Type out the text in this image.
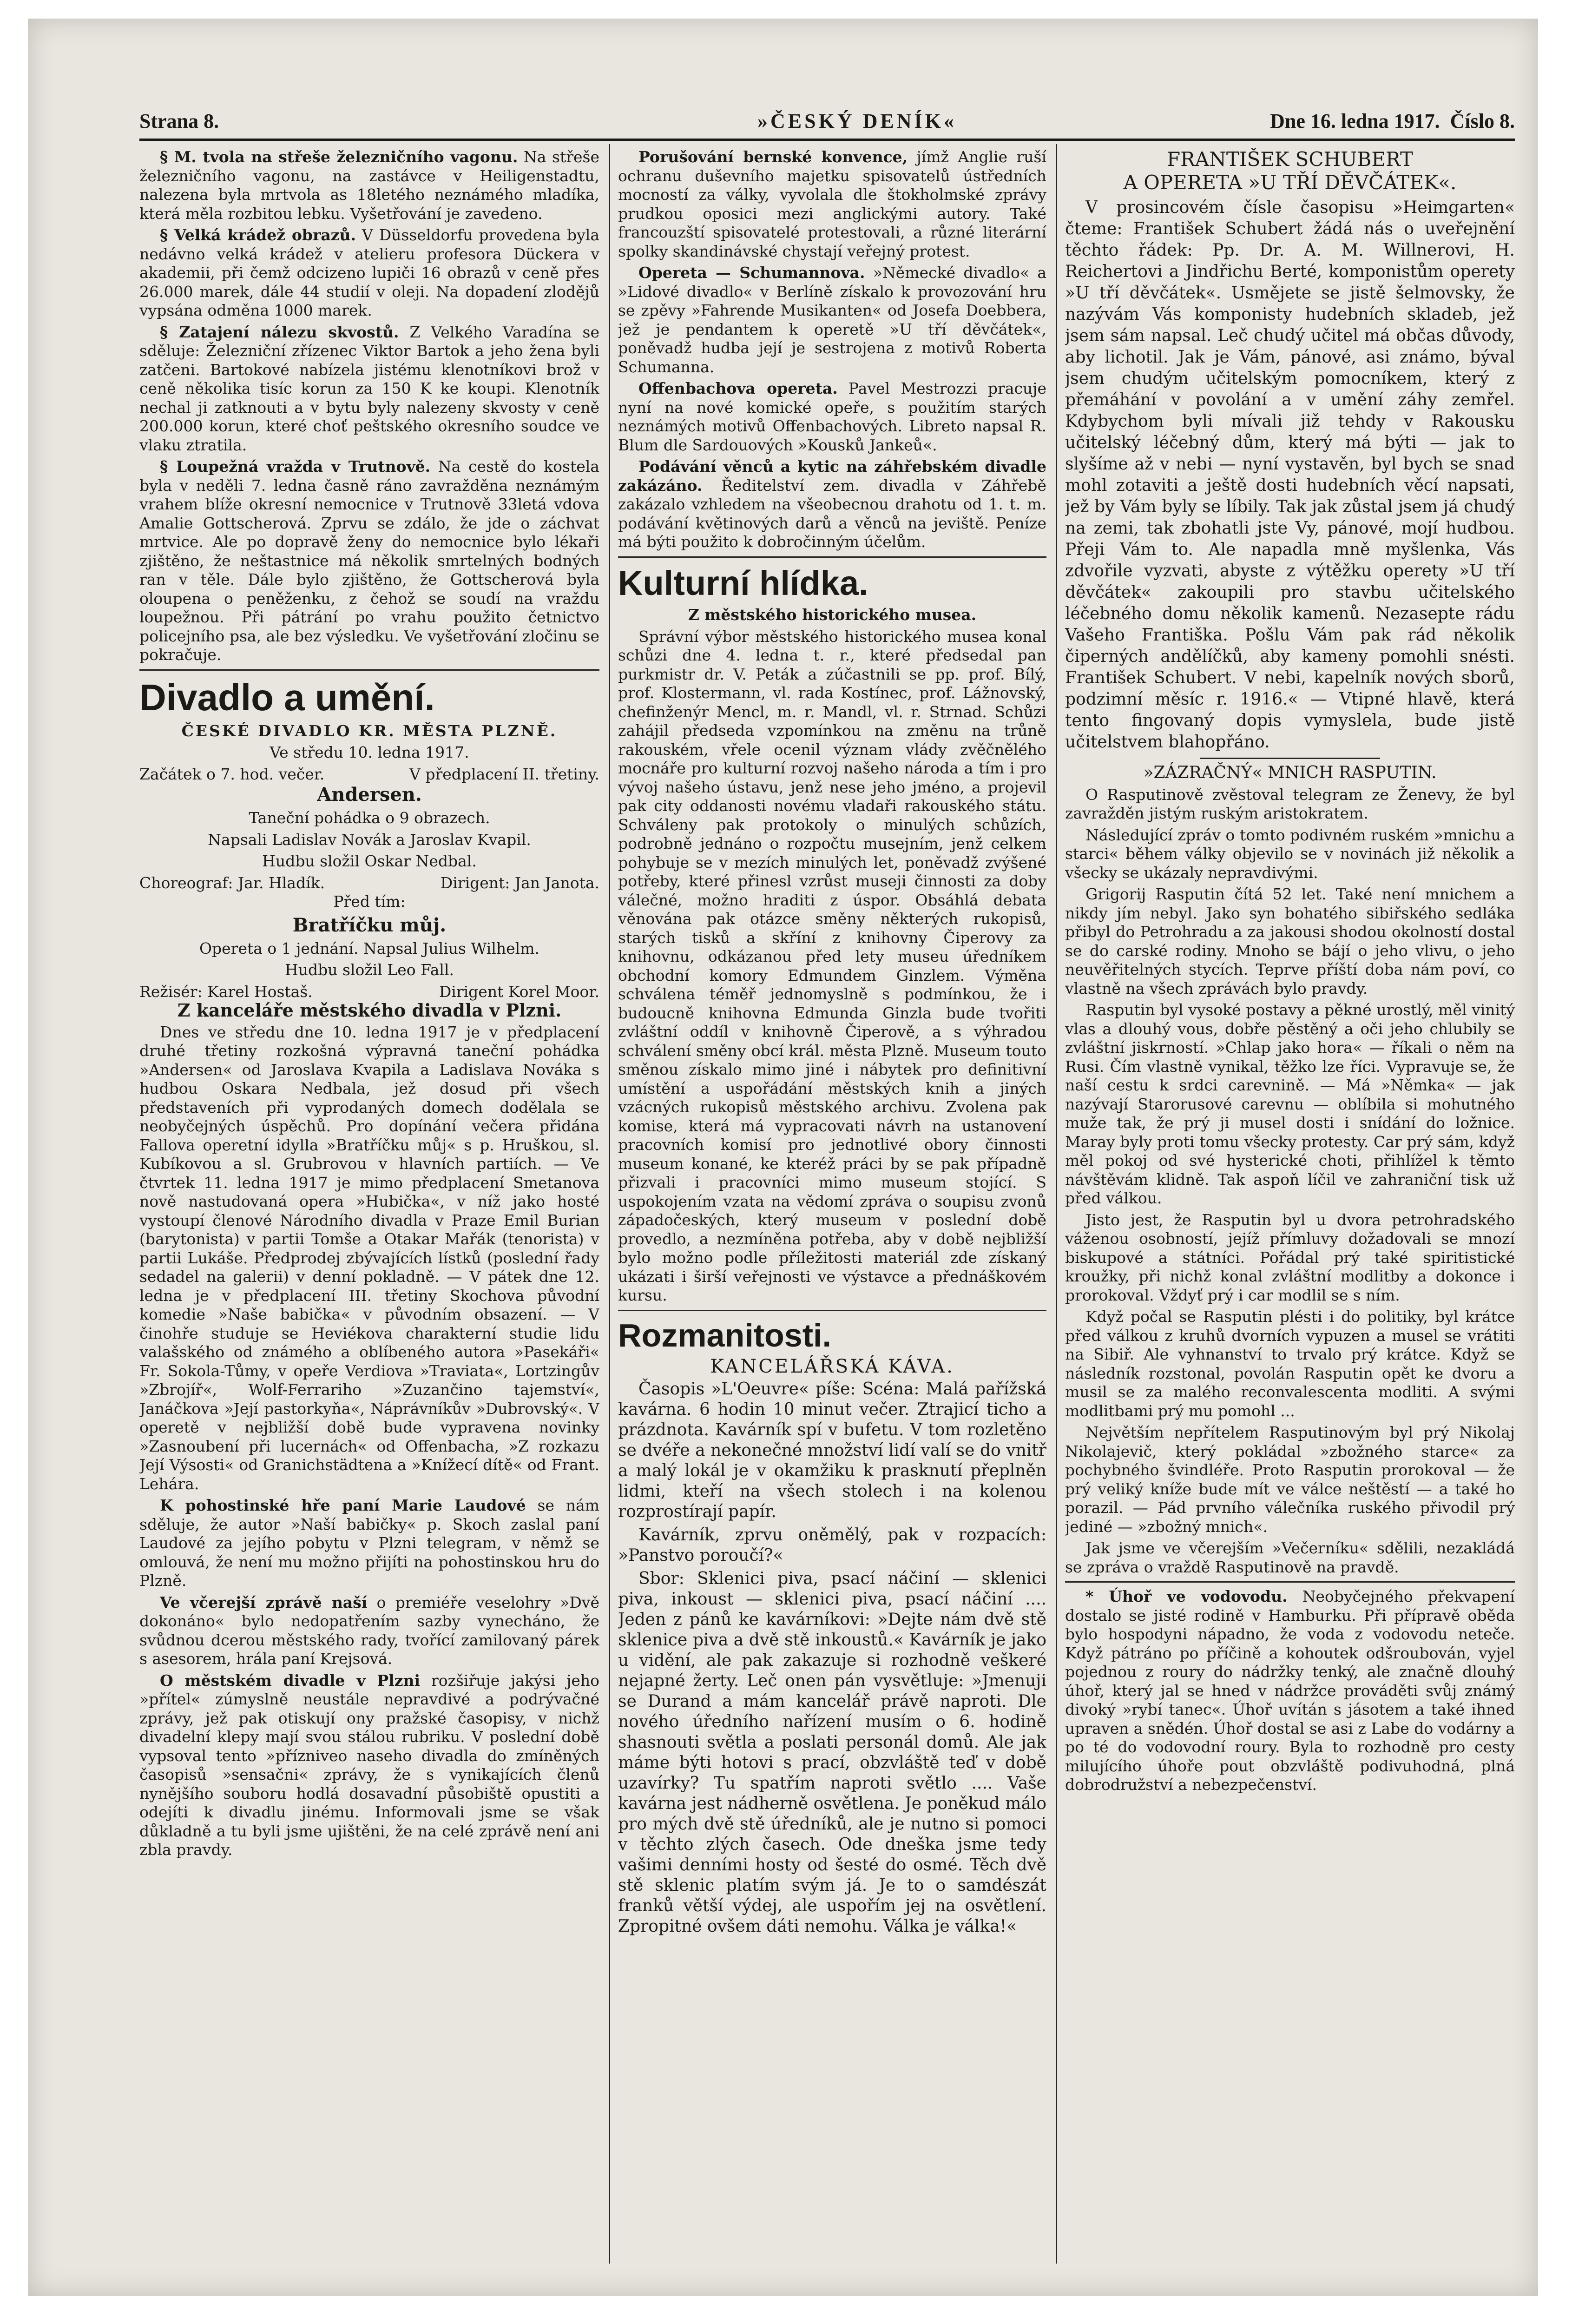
Strana 8.	»ČESKÝ DENÍK«	Dne 16. ledna 1917. Číslo 8.

§ M. tvola na střeše železničního vagonu. Na střeše železničního vagonu, na zastávce v Heiligenstadtu, nalezena byla mrtvola as 18letého neznámého mladíka, která měla rozbitou lebku. Vyšetřování je zavedeno.

§ Velká krádež obrazů. V Düsseldorfu provedena byla nedávno velká krádež v atelieru profesora Dückera v akademii, při čemž odcizeno lupiči 16 obrazů v ceně přes 26.000 marek, dále 44 studií v oleji. Na dopadení zlodějů vypsána odměna 1000 marek.

§ Zatajení nálezu skvostů. Z Velkého Varadína se sděluje: Železniční zřízenec Viktor Bartok a jeho žena byli zatčeni. Bartokové nabízela jistému klenotníkovi brož v ceně několika tisíc korun za 150 K ke koupi. Klenotník nechal ji zatknouti a v bytu byly nalezeny skvosty v ceně 200.000 korun, které choť peštského okresního soudce ve vlaku ztratila.

§ Loupežná vražda v Trutnově. Na cestě do kostela byla v neděli 7. ledna časně ráno zavražděna neznámým vrahem blíže okresní nemocnice v Trutnově 33letá vdova Amalie Gottscherová. Zprvu se zdálo, že jde o záchvat mrtvice. Ale po dopravě ženy do nemocnice bylo lékaři zjištěno, že neštastnice má několik smrtelných bodných ran v těle. Dále bylo zjištěno, že Gottscherová byla oloupena o peněženku, z čehož se soudí na vraždu loupežnou. Při pátrání po vrahu použito četnictvo policejního psa, ale bez výsledku. Ve vyšetřování zločinu se pokračuje.

Divadlo a umění.

ČESKÉ DIVADLO KR. MĚSTA PLZNĚ.

Ve středu 10. ledna 1917.

Začátek o 7. hod. večer.	V předplacení II. třetiny.

Andersen.

Taneční pohádka o 9 obrazech.

Napsali Ladislav Novák a Jaroslav Kvapil.

Hudbu složil Oskar Nedbal.

Choreograf: Jar. Hladík.	Dirigent: Jan Janota.

Před tím:

Bratříčku můj.

Opereta o 1 jednání. Napsal Julius Wilhelm.

Hudbu složil Leo Fall.

Režisér: Karel Hostaš.	Dirigent Korel Moor.

Z kanceláře městského divadla v Plzni.

Dnes ve středu dne 10. ledna 1917 je v předplacení druhé třetiny rozkošná výpravná taneční pohádka »Andersen« od Jaroslava Kvapila a Ladislava Nováka s hudbou Oskara Nedbala, jež dosud při všech představeních při vyprodaných domech dodělala se neobyčejných úspěchů. Pro dopínání večera přidána Fallova operetní idylla »Bratříčku můj« s p. Hruškou, sl. Kubíkovou a sl. Grubrovou v hlavních partiích. — Ve čtvrtek 11. ledna 1917 je mimo předplacení Smetanova nově nastudovaná opera »Hubička«, v níž jako hosté vystoupí členové Národního divadla v Praze Emil Burian (barytonista) v partii Tomše a Otakar Mařák (tenorista) v partii Lukáše. Předprodej zbývajících lístků (poslední řady sedadel na galerii) v denní pokladně. — V pátek dne 12. ledna je v předplacení III. třetiny Skochova původní komedie »Naše babička« v původním obsazení. — V činohře studuje se Heviékova charakterní studie lidu valašského od známého a oblíbeného autora »Pasekáři« Fr. Sokola-Tůmy, v opeře Verdiova »Traviata«, Lortzingův »Zbrojíř«, Wolf-Ferrariho »Zuzančino tajemství«, Janáčkova »Její pastorkyňa«, Náprávníkův »Dubrovský«. V operetě v nejbližší době bude vypravena novinky »Zasnoubení při lucernách« od Offenbacha, »Z rozkazu Její Výsosti« od Granichstädtena a »Knížecí dítě« od Frant. Lehára.

K pohostinské hře paní Marie Laudové se nám sděluje, že autor »Naší babičky« p. Skoch zaslal paní Laudové za jejího pobytu v Plzni telegram, v němž se omlouvá, že není mu možno přijíti na pohostinskou hru do Plzně.

Ve včerejší zprávě naší o premiéře veselohry »Dvě dokonáno« bylo nedopatřením sazby vynecháno, že svůdnou dcerou městského rady, tvořící zamilovaný párek s asesorem, hrála paní Krejsová.

O městském divadle v Plzni rozšiřuje jakýsi jeho »přítel« zúmyslně neustále nepravdivé a podrývačné zprávy, jež pak otiskují ony pražské časopisy, v nichž divadelní klepy mají svou stálou rubriku. V poslední době vypsoval tento »přízniveo naseho divadla do zmíněných časopisů »sensačni« zprávy, že s vynikajících členů nynějšího souboru hodlá dosavadní působiště opustiti a odejíti k divadlu jinému. Informovali jsme se však důkladně a tu byli jsme ujištěni, že na celé zprávě není ani zbla pravdy.

Porušování bernské konvence, jímž Anglie ruší ochranu duševního majetku spisovatelů ústředních mocností za války, vyvolala dle štokholmské zprávy prudkou oposici mezi anglickými autory. Také francouzští spisovatelé protestovali, a různé literární spolky skandinávské chystají veřejný protest.

Opereta — Schumannova. »Německé divadlo« a »Lidové divadlo« v Berlíně získalo k provozování hru se zpěvy »Fahrende Musikanten« od Josefa Doebbera, jež je pendantem k operetě »U tří děvčátek«, poněvadž hudba její je sestrojena z motivů Roberta Schumanna.

Offenbachova opereta. Pavel Mestrozzi pracuje nyní na nové komické opeře, s použitím starých neznámých motivů Offenbachových. Libreto napsal R. Blum dle Sardouových »Kousků Jankeů«.

Podávání věnců a kytic na záhřebském divadle zakázáno. Ředitelství zem. divadla v Záhřebě zakázalo vzhledem na všeobecnou drahotu od 1. t. m. podávání květinových darů a věnců na jeviště. Peníze má býti použito k dobročinným účelům.

Kulturní hlídka.

Z městského historického musea.

Správní výbor městského historického musea konal schůzi dne 4. ledna t. r., které předsedal pan purkmistr dr. V. Peták a zúčastnili se pp. prof. Bílý, prof. Klostermann, vl. rada Kostínec, prof. Lážnovský, chefinženýr Mencl, m. r. Mandl, vl. r. Strnad. Schůzi zahájil předseda vzpomínkou na změnu na trůně rakouském, vřele ocenil význam vlády zvěčnělého mocnáře pro kulturní rozvoj našeho národa a tím i pro vývoj našeho ústavu, jenž nese jeho jméno, a projevil pak city oddanosti novému vladaři rakouského státu. Schváleny pak protokoly o minulých schůzích, podrobně jednáno o rozpočtu musejním, jenž celkem pohybuje se v mezích minulých let, poněvadž zvýšené potřeby, které přinesl vzrůst museji činnosti za doby válečné, možno hraditi z úspor. Obsáhlá debata věnována pak otázce směny některých rukopisů, starých tisků a skříní z knihovny Čiperovy za knihovnu, odkázanou před lety museu úředníkem obchodní komory Edmundem Ginzlem. Výměna schválena téměř jednomyslně s podmínkou, že i budoucně knihovna Edmunda Ginzla bude tvořiti zvláštní oddíl v knihovně Čiperově, a s výhradou schválení směny obcí král. města Plzně. Museum touto směnou získalo mimo jiné i nábytek pro definitivní umístění a uspořádání městských knih a jiných vzácných rukopisů městského archivu. Zvolena pak komise, která má vypracovati návrh na ustanovení pracovních komisí pro jednotlivé obory činnosti museum konané, ke kteréž práci by se pak případně přizvali i pracovníci mimo museum stojící. S uspokojením vzata na vědomí zpráva o soupisu zvonů západočeských, který museum v poslední době provedlo, a nezmíněna potřeba, aby v době nejbližší bylo možno podle příležitosti materiál zde získaný ukázati i širší veřejnosti ve výstavce a přednáškovém kursu.

Rozmanitosti.

KANCELÁŘSKÁ KÁVA.

Časopis »L'Oeuvre« píše: Scéna: Malá pařížská kavárna. 6 hodin 10 minut večer. Ztrajicí ticho a prázdnota. Kavárník spí v bufetu. V tom rozletěno se dvéře a nekonečné množství lidí valí se do vnitř a malý lokál je v okamžiku k prasknutí přeplněn lidmi, kteří na všech stolech i na kolenou rozprostírají papír.

Kavárník, zprvu oněmělý, pak v rozpacích: »Panstvo poroučí?«

Sbor: Sklenici piva, psací náčiní — sklenici piva, inkoust — sklenici piva, psací náčiní .... Jeden z pánů ke kavárníkovi: »Dejte nám dvě stě sklenice piva a dvě stě inkoustů.« Kavárník je jako u vidění, ale pak zakazuje si rozhodně veškeré nejapné žerty. Leč onen pán vysvětluje: »Jmenuji se Durand a mám kancelář právě naproti. Dle nového úředního nařízení musím o 6. hodině shasnouti světla a poslati personál domů. Ale jak máme býti hotovi s prací, obzvláště teď v době uzavírky? Tu spatřím naproti světlo .... Vaše kavárna jest nádherně osvětlena. Je poněkud málo pro mých dvě stě úředníků, ale je nutno si pomoci v těchto zlých časech. Ode dneška jsme tedy vašimi denními hosty od šesté do osmé. Těch dvě stě sklenic platím svým já. Je to o samdészát franků větší výdej, ale uspořím jej na osvětlení. Zpropitné ovšem dáti nemohu. Válka je válka!«

FRANTIŠEK SCHUBERT

A OPERETA »U TŘÍ DĚVČÁTEK«.

V prosincovém čísle časopisu »Heimgarten« čteme: František Schubert žádá nás o uveřejnění těchto řádek: Pp. Dr. A. M. Willnerovi, H. Reichertovi a Jindřichu Berté, komponistům operety »U tří děvčátek«. Usmějete se jistě šelmovsky, že nazývám Vás komponisty hudebních skladeb, jež jsem sám napsal. Leč chudý učitel má občas důvody, aby lichotil. Jak je Vám, pánové, asi známo, býval jsem chudým učitelským pomocníkem, který z přemáhání v povolání a v umění záhy zemřel. Kdybychom byli mívali již tehdy v Rakousku učitelský léčebný dům, který má býti — jak to slyšíme až v nebi — nyní vystavěn, byl bych se snad mohl zotaviti a ještě dosti hudebních věcí napsati, jež by Vám byly se líbily. Tak jak zůstal jsem já chudý na zemi, tak zbohatli jste Vy, pánové, mojí hudbou. Přeji Vám to. Ale napadla mně myšlenka, Vás zdvořile vyzvati, abyste z výtěžku operety »U tří děvčátek« zakoupili pro stavbu učitelského léčebného domu několik kamenů. Nezasepte rádu Vašeho Františka. Pošlu Vám pak rád několik čiperných andělíčků, aby kameny pomohli snésti. František Schubert. V nebi, kapelník nových sborů, podzimní měsíc r. 1916.« — Vtipné hlavě, která tento fingovaný dopis vymyslela, bude jistě učitelstvem blahopřáno.

»ZÁZRAČNÝ« MNICH RASPUTIN.

O Rasputinově zvěstoval telegram ze Ženevy, že byl zavražděn jistým ruským aristokratem.

Následující zpráv o tomto podivném ruském »mnichu a starci« během války objevilo se v novinách již několik a všecky se ukázaly nepravdivými.

Grigorij Rasputin čítá 52 let. Také není mnichem a nikdy jím nebyl. Jako syn bohatého sibiřského sedláka přibyl do Petrohradu a za jakousi shodou okolností dostal se do carské rodiny. Mnoho se bájí o jeho vlivu, o jeho neuvěřitelných stycích. Teprve příští doba nám poví, co vlastně na všech zprávách bylo pravdy.

Rasputin byl vysoké postavy a pěkné urostlý, měl vinitý vlas a dlouhý vous, dobře pěstěný a oči jeho chlubily se zvláštní jiskrností. »Chlap jako hora« — říkali o něm na Rusi. Čím vlastně vynikal, těžko lze říci. Vypravuje se, že naší cestu k srdci carevnině. — Má »Němka« — jak nazývají Starorusové carevnu — oblíbila si mohutného muže tak, že prý ji musel dosti i snídání do ložnice. Maray byly proti tomu všecky protesty. Car prý sám, když měl pokoj od své hysterické choti, přihlížel k těmto návštěvám klidně. Tak aspoň líčil ve zahraniční tisk už před válkou.

Jisto jest, že Rasputin byl u dvora petrohradského váženou osobností, jejíž přímluvy dožadovali se mnozí biskupové a státníci. Pořádal prý také spiritistické kroužky, při nichž konal zvláštní modlitby a dokonce i prorokoval. Vždyť prý i car modlil se s ním.

Když počal se Rasputin plésti i do politiky, byl krátce před válkou z kruhů dvorních vypuzen a musel se vrátiti na Sibiř. Ale vyhnanství to trvalo prý krátce. Když se následník rozstonal, povolán Rasputin opět ke dvoru a musil se za malého reconvalescenta modliti. A svými modlitbami prý mu pomohl ...

Největším nepřítelem Rasputinovým byl prý Nikolaj Nikolajevič, který pokládal »zbožného starce« za pochybného švindléře. Proto Rasputin prorokoval — že prý veliký kníže bude mít ve válce neštěstí — a také ho porazil. — Pád prvního válečníka ruského přivodil prý jediné — »zbožný mnich«.

Jak jsme ve včerejším »Večerníku« sdělili, nezakládá se zpráva o vraždě Rasputinově na pravdě.

* Úhoř ve vodovodu. Neobyčejného překvapení dostalo se jisté rodině v Hamburku. Při přípravě oběda bylo hospodyni nápadno, že voda z vodovodu neteče. Když pátráno po příčině a kohoutek odšroubován, vyjel pojednou z roury do nádržky tenký, ale značně dlouhý úhoř, který jal se hned v nádržce prováděti svůj známý divoký »rybí tanec«. Úhoř uvítán s jásotem a také ihned upraven a snědén. Úhoř dostal se asi z Labe do vodárny a po té do vodovodní roury. Byla to rozhodně pro cesty milujícího úhoře pout obzvláště podivuhodná, plná dobrodružství a nebezpečenství.
